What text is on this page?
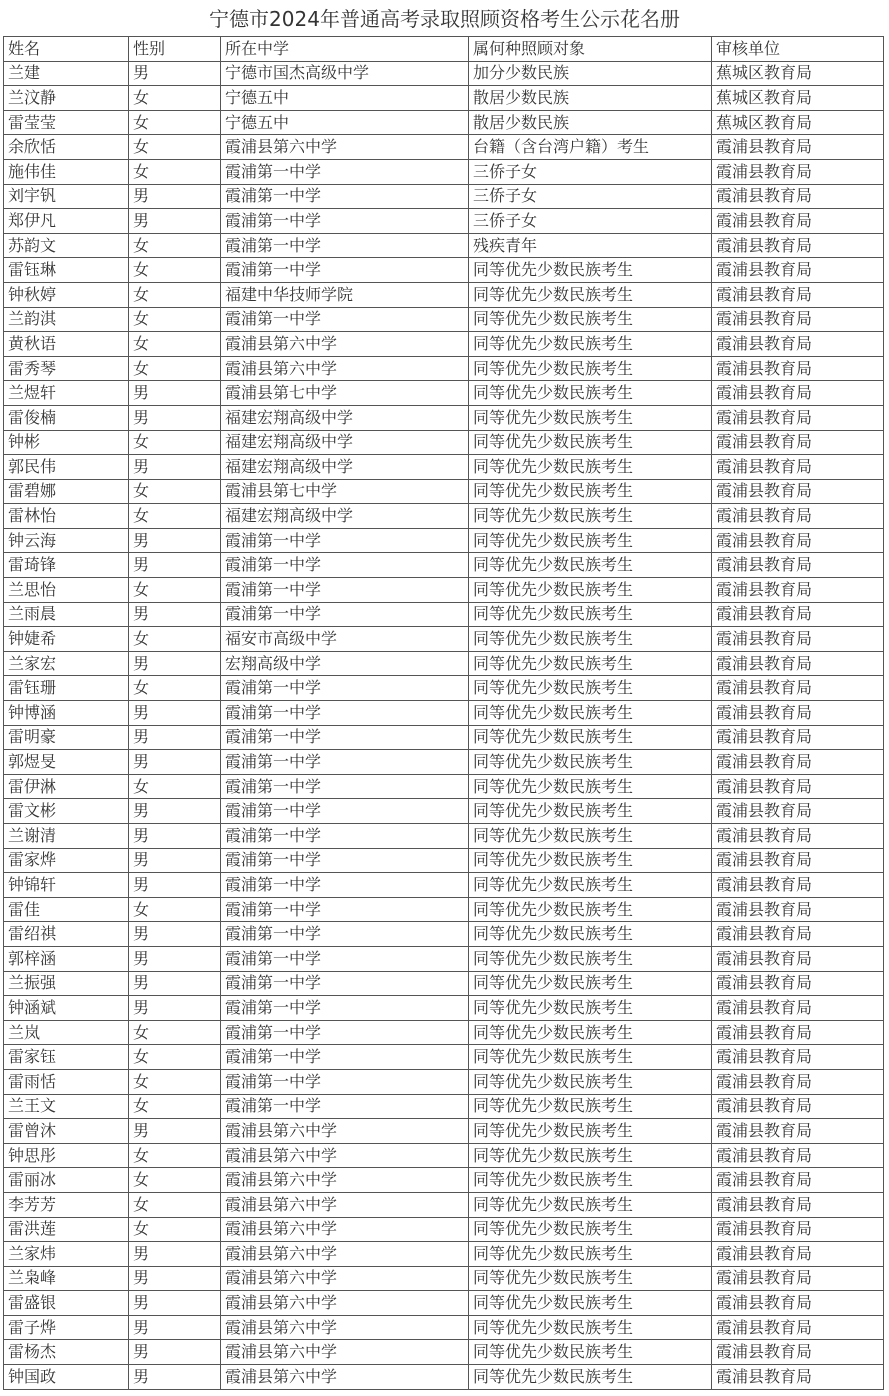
宁德市2024年普通高考录取照顾资格考生公示花名册
姓名	性别	所在中学	属何种照顾对象	审核单位
兰建	男	宁德市国杰高级中学	加分少数民族	蕉城区教育局
兰汶静	女	宁德五中	散居少数民族	蕉城区教育局
雷莹莹	女	宁德五中	散居少数民族	蕉城区教育局
余欣恬	女	霞浦县第六中学	台籍（含台湾户籍）考生	霞浦县教育局
施伟佳	女	霞浦第一中学	三侨子女	霞浦县教育局
刘宇钒	男	霞浦第一中学	三侨子女	霞浦县教育局
郑伊凡	男	霞浦第一中学	三侨子女	霞浦县教育局
苏韵文	女	霞浦第一中学	残疾青年	霞浦县教育局
雷钰琳	女	霞浦第一中学	同等优先少数民族考生	霞浦县教育局
钟秋婷	女	福建中华技师学院	同等优先少数民族考生	霞浦县教育局
兰韵淇	女	霞浦第一中学	同等优先少数民族考生	霞浦县教育局
黄秋语	女	霞浦县第六中学	同等优先少数民族考生	霞浦县教育局
雷秀琴	女	霞浦县第六中学	同等优先少数民族考生	霞浦县教育局
兰煜轩	男	霞浦县第七中学	同等优先少数民族考生	霞浦县教育局
雷俊楠	男	福建宏翔高级中学	同等优先少数民族考生	霞浦县教育局
钟彬	女	福建宏翔高级中学	同等优先少数民族考生	霞浦县教育局
郭民伟	男	福建宏翔高级中学	同等优先少数民族考生	霞浦县教育局
雷碧娜	女	霞浦县第七中学	同等优先少数民族考生	霞浦县教育局
雷林怡	女	福建宏翔高级中学	同等优先少数民族考生	霞浦县教育局
钟云海	男	霞浦第一中学	同等优先少数民族考生	霞浦县教育局
雷琦锋	男	霞浦第一中学	同等优先少数民族考生	霞浦县教育局
兰思怡	女	霞浦第一中学	同等优先少数民族考生	霞浦县教育局
兰雨晨	男	霞浦第一中学	同等优先少数民族考生	霞浦县教育局
钟婕希	女	福安市高级中学	同等优先少数民族考生	霞浦县教育局
兰家宏	男	宏翔高级中学	同等优先少数民族考生	霞浦县教育局
雷钰珊	女	霞浦第一中学	同等优先少数民族考生	霞浦县教育局
钟博涵	男	霞浦第一中学	同等优先少数民族考生	霞浦县教育局
雷明豪	男	霞浦第一中学	同等优先少数民族考生	霞浦县教育局
郭煜旻	男	霞浦第一中学	同等优先少数民族考生	霞浦县教育局
雷伊淋	女	霞浦第一中学	同等优先少数民族考生	霞浦县教育局
雷文彬	男	霞浦第一中学	同等优先少数民族考生	霞浦县教育局
兰谢清	男	霞浦第一中学	同等优先少数民族考生	霞浦县教育局
雷家烨	男	霞浦第一中学	同等优先少数民族考生	霞浦县教育局
钟锦轩	男	霞浦第一中学	同等优先少数民族考生	霞浦县教育局
雷佳	女	霞浦第一中学	同等优先少数民族考生	霞浦县教育局
雷绍祺	男	霞浦第一中学	同等优先少数民族考生	霞浦县教育局
郭梓涵	男	霞浦第一中学	同等优先少数民族考生	霞浦县教育局
兰振强	男	霞浦第一中学	同等优先少数民族考生	霞浦县教育局
钟涵斌	男	霞浦第一中学	同等优先少数民族考生	霞浦县教育局
兰岚	女	霞浦第一中学	同等优先少数民族考生	霞浦县教育局
雷家钰	女	霞浦第一中学	同等优先少数民族考生	霞浦县教育局
雷雨恬	女	霞浦第一中学	同等优先少数民族考生	霞浦县教育局
兰王文	女	霞浦第一中学	同等优先少数民族考生	霞浦县教育局
雷曾沐	男	霞浦县第六中学	同等优先少数民族考生	霞浦县教育局
钟思彤	女	霞浦县第六中学	同等优先少数民族考生	霞浦县教育局
雷丽冰	女	霞浦县第六中学	同等优先少数民族考生	霞浦县教育局
李芳芳	女	霞浦县第六中学	同等优先少数民族考生	霞浦县教育局
雷洪莲	女	霞浦县第六中学	同等优先少数民族考生	霞浦县教育局
兰家炜	男	霞浦县第六中学	同等优先少数民族考生	霞浦县教育局
兰枭峰	男	霞浦县第六中学	同等优先少数民族考生	霞浦县教育局
雷盛银	男	霞浦县第六中学	同等优先少数民族考生	霞浦县教育局
雷子烨	男	霞浦县第六中学	同等优先少数民族考生	霞浦县教育局
雷杨杰	男	霞浦县第六中学	同等优先少数民族考生	霞浦县教育局
钟国政	男	霞浦县第六中学	同等优先少数民族考生	霞浦县教育局
